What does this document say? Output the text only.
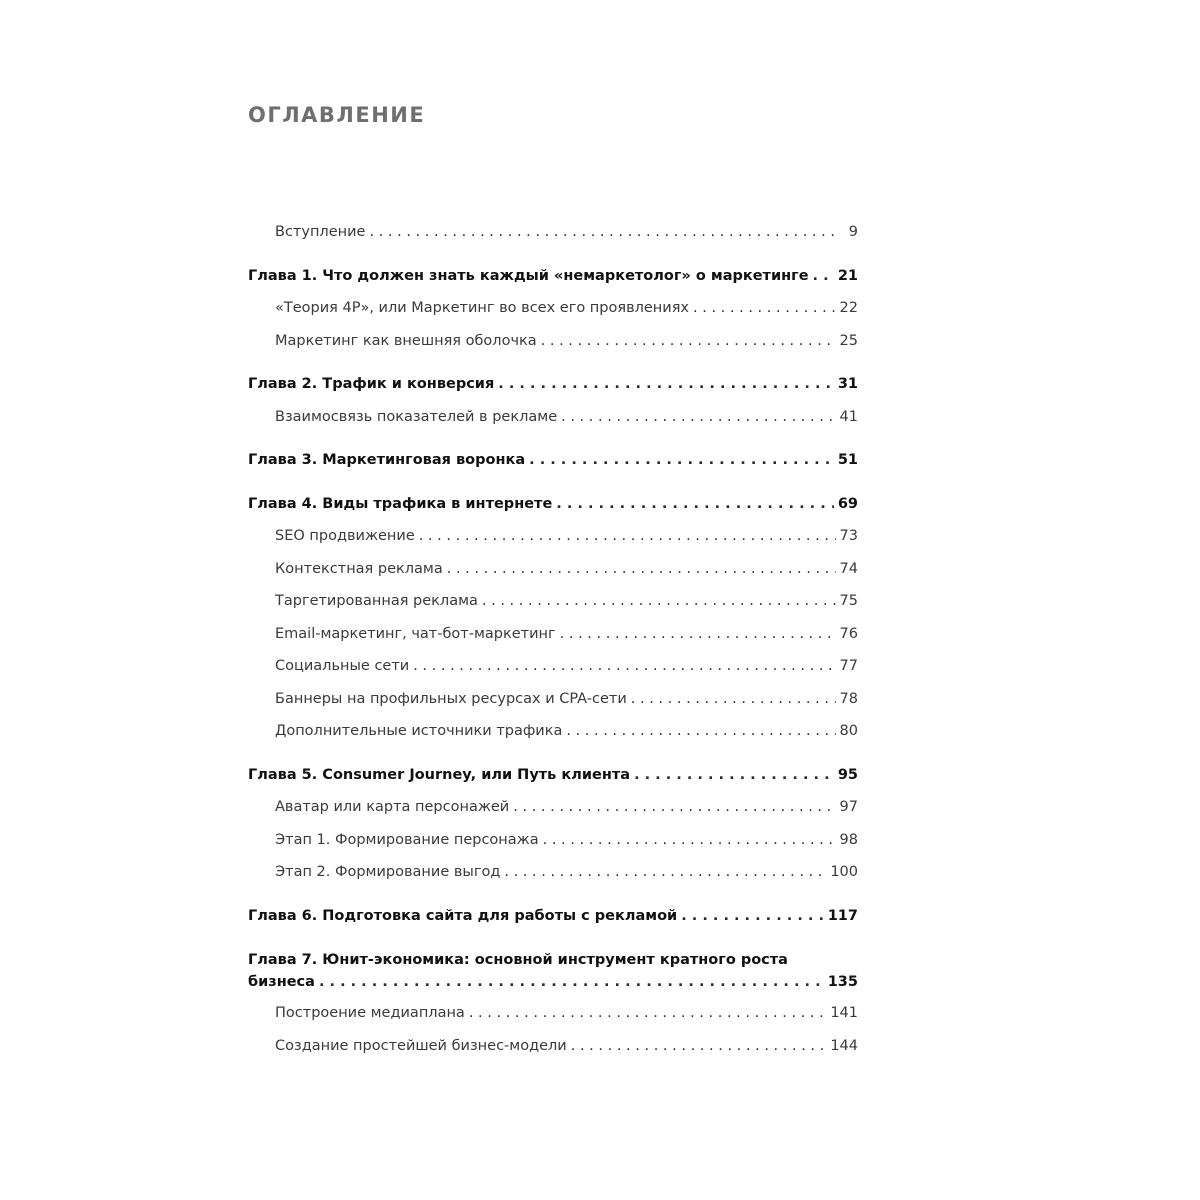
ОГЛАВЛЕНИЕ
Вступление . . .	9
Глава 1. Что должен знать каждый «немаркетолог» о маркетинге . . . 21
«Теория 4P», или Маркетинг во всех его проявлениях . . .	22
Маркетинг как внешняя оболочка . . .	25
Глава 2. Трафик и конверсия . . .	31
Взаимосвязь показателей в рекламе . . .	41
Глава 3. Маркетинговая воронка . . .	51
Глава 4. Виды трафика в интернете . . .	69
SEO продвижение . . .	73
Контекстная реклама . . .	74
Таргетированная реклама . . .	75
Email-маркетинг, чат-бот-маркетинг . . .	76
Социальные сети . . .	77
Баннеры на профильных ресурсах и CPA-сети . . .	78
Дополнительные источники трафика . . .	80
Глава 5. Consumer Journey, или Путь клиента . . .	95
Аватар или карта персонажей . . .	97
Этап 1. Формирование персонажа . . .	98
Этап 2. Формирование выгод . . .	100
Глава 6. Подготовка сайта для работы с рекламой . . .	117
Глава 7. Юнит-экономика: основной инструмент кратного роста
бизнеса . . .	135
Построение медиаплана . . .	141
Создание простейшей бизнес-модели . . .	144
